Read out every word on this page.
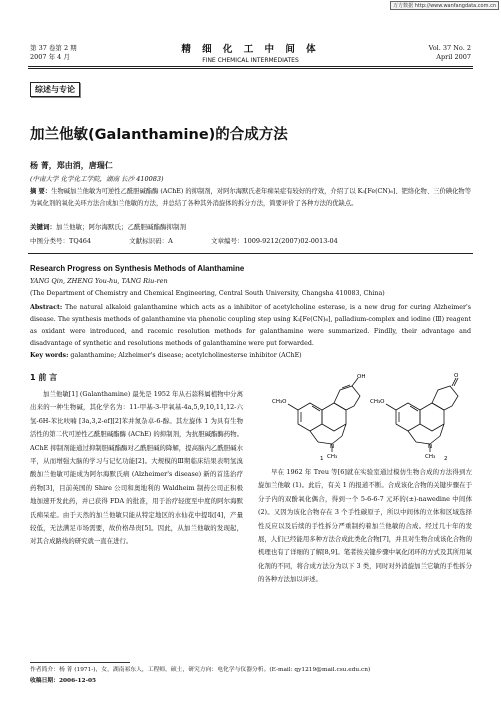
万方数据 http://www.wanfangdata.com.cn
第 37 卷第 2 期
2007 年 4 月
精 细 化 工 中 间 体
FINE CHEMICAL INTERMEDIATES
Vol. 37 No. 2
April 2007
综述与专论
加兰他敏(Galanthamine)的合成方法
杨 菁，郑由消，唐瑞仁
(中南大学 化学化工学院，湖南 长沙 410083)
摘 要：生物碱加兰他敏为可逆性乙酰胆碱酯酶 (AChE) 的抑制剂，对阿尔海默氏老年痴呆症有较好的疗效，介绍了以 K₃[Fe(CN)₆]、钯络化物、三价碘化物等为氧化剂的氧化关环方法合成加兰他敏的方法，并总结了各种其外消旋体的拆分方法，简要评价了各种方法的优缺点。
关键词：加兰他敏；阿尔海默氏；乙酰胆碱酯酶抑制剂
中图分类号：TQ464	文献标识码：A	文章编号：1009-9212(2007)02-0013-04
Research Progress on Synthesis Methods of Alanthamine
YANG Qin, ZHENG You-hu, TANG Riu-ren
(The Department of Chemistry and Chemical Engineering, Central South University, Changsha 410083, China)
Abstract: The natural alkaloid galanthamine which acts as a inhibitor of acetylcholine esterase, is a new drug for curing Alzheimer's disease. The synthesis methods of galanthamine via phenolic coupling step using K₃[Fe(CN)₆], palladium-complex and iodine (Ⅲ) reagent as oxidant were introduced, and racemic resolution methods for galanthamine were summarized. Findlly, their advantage and disadvantage of synthetic and resolutions methods of galanthamine were put forwarded.
Key words: galanthamine; Alzheimer's disease; acetylcholinesterse inhibitor (AChE)
1 前 言
加兰他敏[1] (Galanthamine) 最先是 1952 年从石蒜科属植物中分离出来的一种生物碱，其化学名为：11-甲基-3-甲氧基-4a,5,9,10,11,12-六氢-6H-苯比呋喃 [3a,3,2-ef][2]苯并氮杂卓-6-醇。其左旋体 1 为具有生物活性的第二代可逆性乙酰胆碱酯酶 (AChE) 的抑制剂，为抗胆碱酯酶药物。AChE 抑制剂能通过抑制胆碱酯酶对乙酰胆碱的降解，提高脑内乙酰胆碱水平，从而增强大脑的学习与记忆功能[2]。大规模的Ⅲ期临床结果表明氢溴酸加兰他敏可能成为阿尔海默氏病 (Alzheimer's disease) 新的首选治疗药物[3]，目前英国的 Shire 公司和奥地利的 Waldheim 制药公司正积极地加速开发此药，并已获得 FDA 的批准，用于治疗轻度至中度的阿尔海默氏痴呆症。由于天然的加兰他敏只能从特定地区的水仙花中提取[4]，产量较低，无法满足市场需要，故价格昂贵[5]。因此，从加兰他敏的发现起，对其合成路线的研究就一直在进行。
OH
CH₃O
N
CH₃
1
O
CH₃O
N
CH₃ 2
早在 1962 年 Treu 等[6]就在实验室通过模仿生物合成的方法得到左旋加兰他敏 (1)。此后，有关 1 的报道不断。合成该化合物的关键步骤在于分子内的双酚氧化偶合，得到一个 5-6-6-7 元环的(±)-nawedine 中间体 (2)。又因为该化合物存在 3 个手性碳原子，所以中间体的立体和区域选择性反应以及后续的手性拆分严重制约着加兰他敏的合成。经过几十年的发展，人们已经能用多种方法合成此类化合物[7]，并且对生物合成该化合物的机理也有了详细的了解[8,9]。笔者按关键步骤中氧化闭环的方式及其所用氧化剂的不同，将合成方法分为以下 3 类，同时对外消旋加兰它敏的手性拆分的各种方法加以评述。
作者简介：杨 菁 (1971-)，女，湖南祁东人，工程师，硕士，研究方向：电化学与仪器分析。(E-mail: qy1219@mail.csu.edu.cn)
收稿日期：2006-12-05
